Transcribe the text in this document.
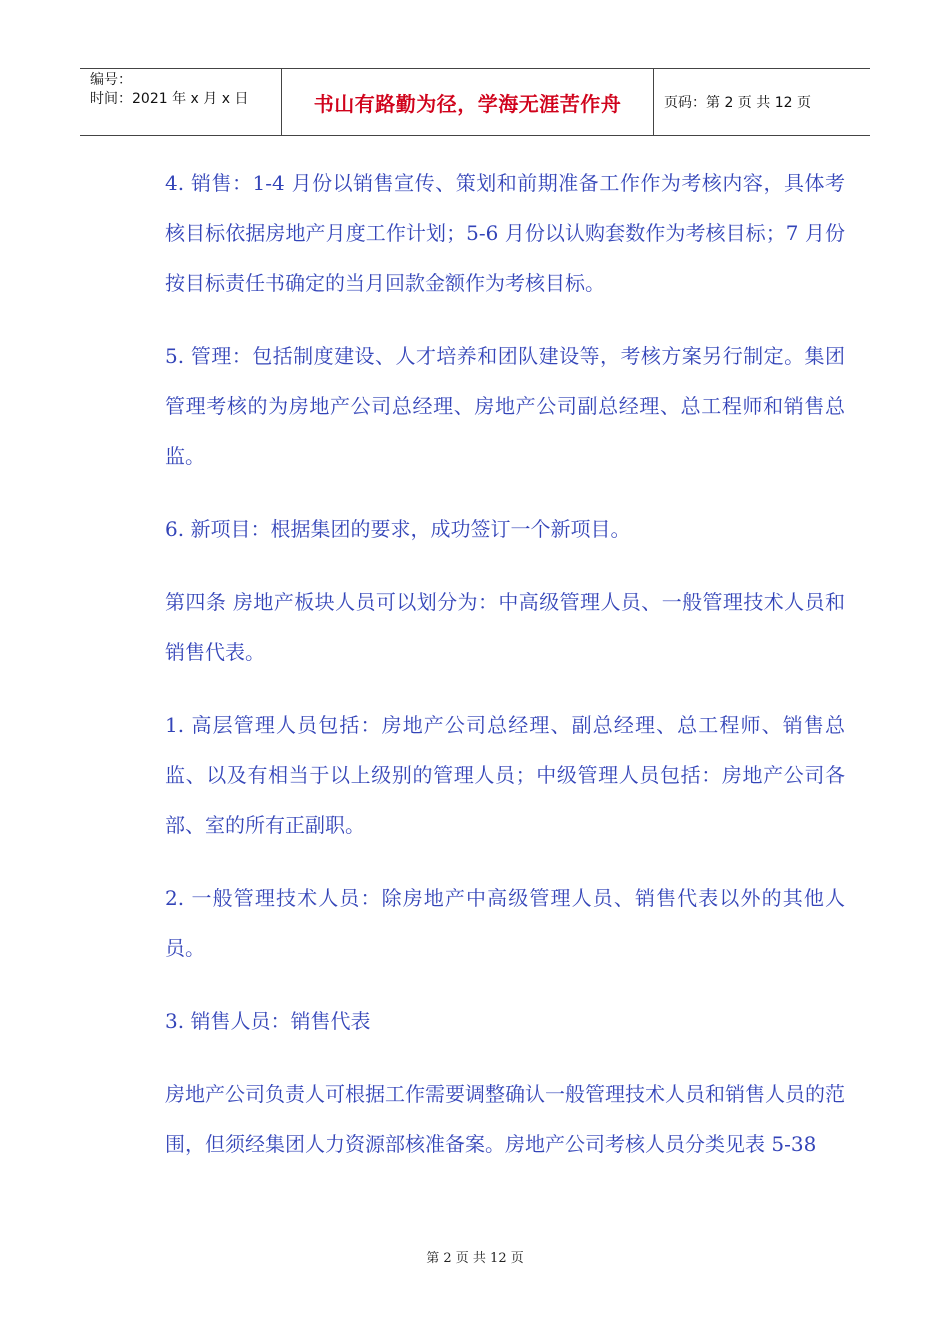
编号：
时间：2021 年 x 月 x 日	书山有路勤为径，学海无涯苦作舟	页码：第 2 页 共 12 页

4. 销售：1-4 月份以销售宣传、策划和前期准备工作作为考核内容，具体考核目标依据房地产月度工作计划；5-6 月份以认购套数作为考核目标；7 月份按目标责任书确定的当月回款金额作为考核目标。

5. 管理：包括制度建设、人才培养和团队建设等，考核方案另行制定。集团管理考核的为房地产公司总经理、房地产公司副总经理、总工程师和销售总监。

6. 新项目：根据集团的要求，成功签订一个新项目。

第四条 房地产板块人员可以划分为：中高级管理人员、一般管理技术人员和销售代表。

1. 高层管理人员包括：房地产公司总经理、副总经理、总工程师、销售总监、以及有相当于以上级别的管理人员；中级管理人员包括：房地产公司各部、室的所有正副职。

2. 一般管理技术人员：除房地产中高级管理人员、销售代表以外的其他人员。

3. 销售人员：销售代表

房地产公司负责人可根据工作需要调整确认一般管理技术人员和销售人员的范围，但须经集团人力资源部核准备案。房地产公司考核人员分类见表 5-38

第 2 页 共 12 页
